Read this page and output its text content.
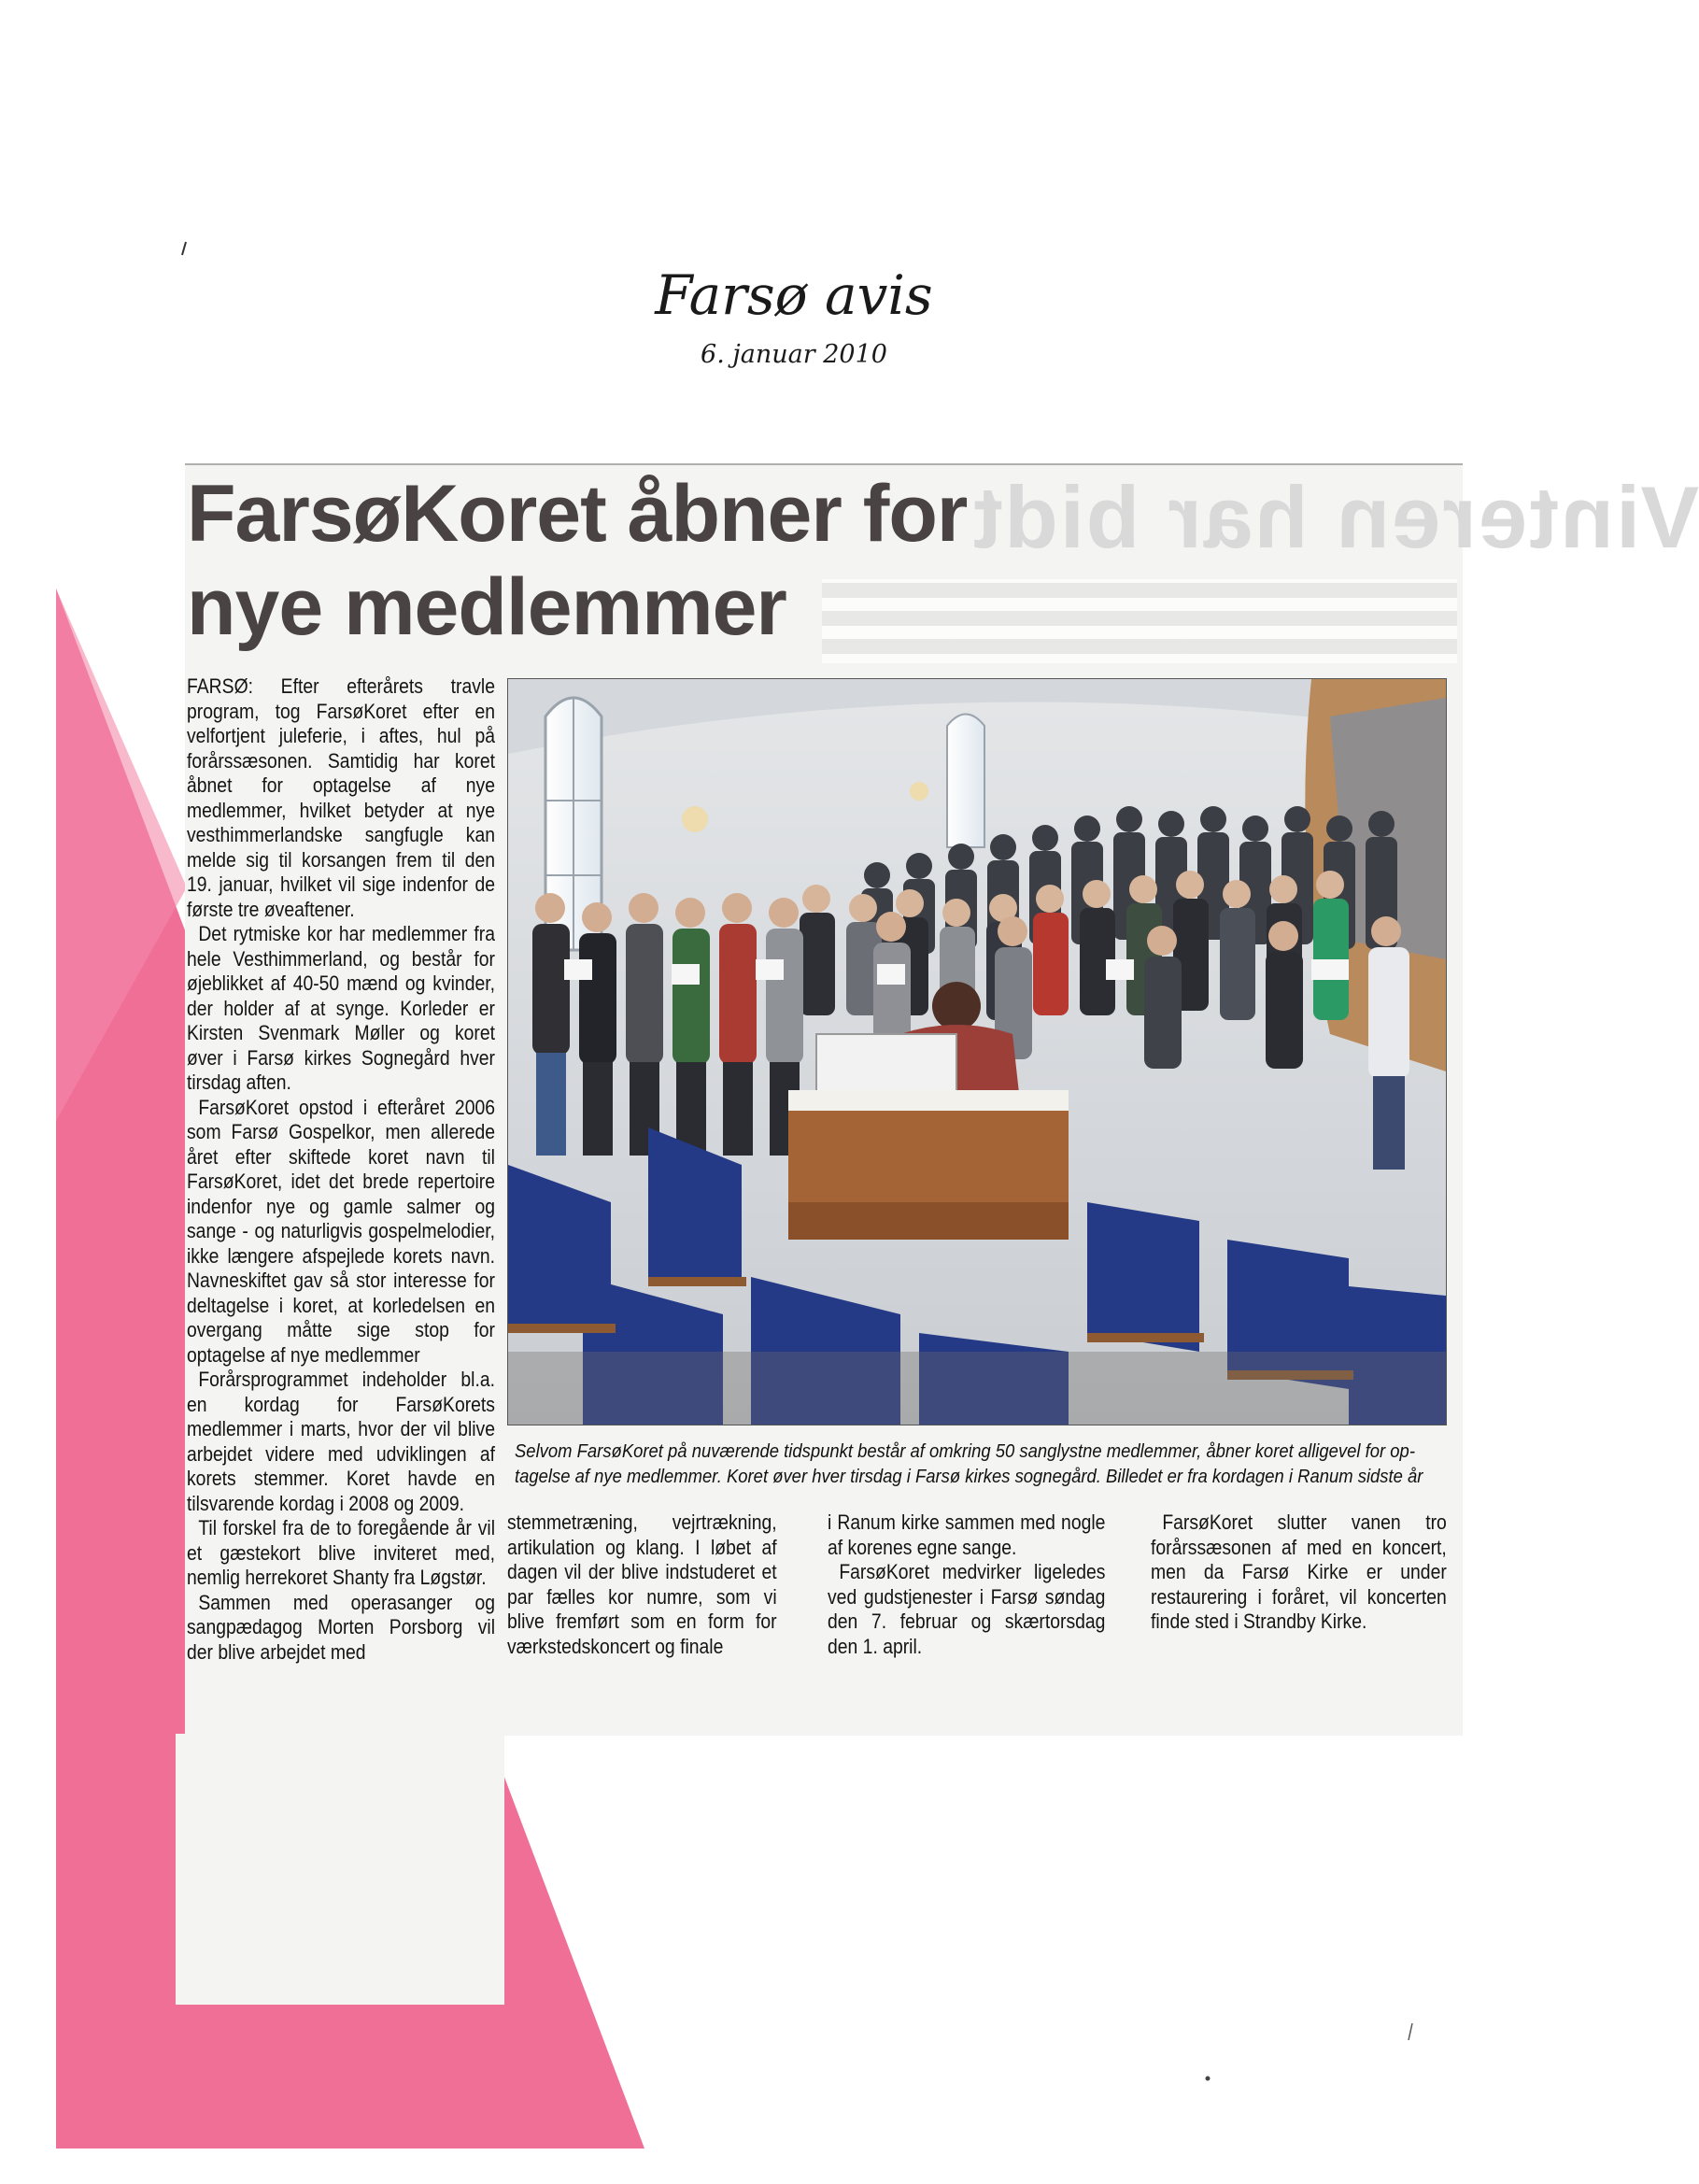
Farsø avis
6. januar 2010
Vinteren har bidt
FarsøKoret åbner for
nye medlemmer

FARSØ: Efter efterårets travle program, tog FarsøKoret efter en velfortjent juleferie, i aftes, hul på forårssæsonen. Samtidig har koret åbnet for optagelse af nye medlemmer, hvilket betyder at nye vesthimmerlandske sangfugle kan melde sig til korsangen frem til den 19. januar, hvilket vil sige indenfor de første tre øveaftener.

Det rytmiske kor har medlemmer fra hele Vesthimmerland, og består for øjeblikket af 40-50 mænd og kvinder, der holder af at synge. Korleder er Kirsten Svenmark Møller og koret øver i Farsø kirkes Sognegård hver tirsdag aften.

FarsøKoret opstod i efteråret 2006 som Farsø Gospelkor, men allerede året efter skiftede koret navn til FarsøKoret, idet det brede repertoire indenfor nye og gamle salmer og sange - og naturligvis gospelmelodier, ikke længere afspejlede korets navn. Navneskiftet gav så stor interesse for deltagelse i koret, at korledelsen en overgang måtte sige stop for optagelse af nye medlemmer

Forårsprogrammet indeholder bl.a. en kordag for FarsøKorets medlemmer i marts, hvor der vil blive arbejdet videre med udviklingen af korets stemmer. Koret havde en tilsvarende kordag i 2008 og 2009.

Til forskel fra de to foregående år vil et gæstekort blive inviteret med, nemlig herrekoret Shanty fra Løgstør.

Sammen med operasanger og sangpædagog Morten Porsborg vil der blive arbejdet med

Selvom FarsøKoret på nuværende tidspunkt består af omkring 50 sanglystne medlemmer, åbner koret alligevel for op-
tagelse af nye medlemmer. Koret øver hver tirsdag i Farsø kirkes sognegård. Billedet er fra kordagen i Ranum sidste år

stemmetræning, vejrtrækning, artikulation og klang. I løbet af dagen vil der blive indstuderet et par fælles kor numre, som vi blive fremført som en form for værkstedskoncert og finale

i Ranum kirke sammen med nogle af korenes egne sange.

FarsøKoret medvirker ligeledes ved gudstjenester i Farsø søndag den 7. februar og skærtorsdag den 1. april.

FarsøKoret slutter vanen tro forårssæsonen af med en koncert, men da Farsø Kirke er under restaurering i foråret, vil koncerten finde sted i Strandby Kirke.
